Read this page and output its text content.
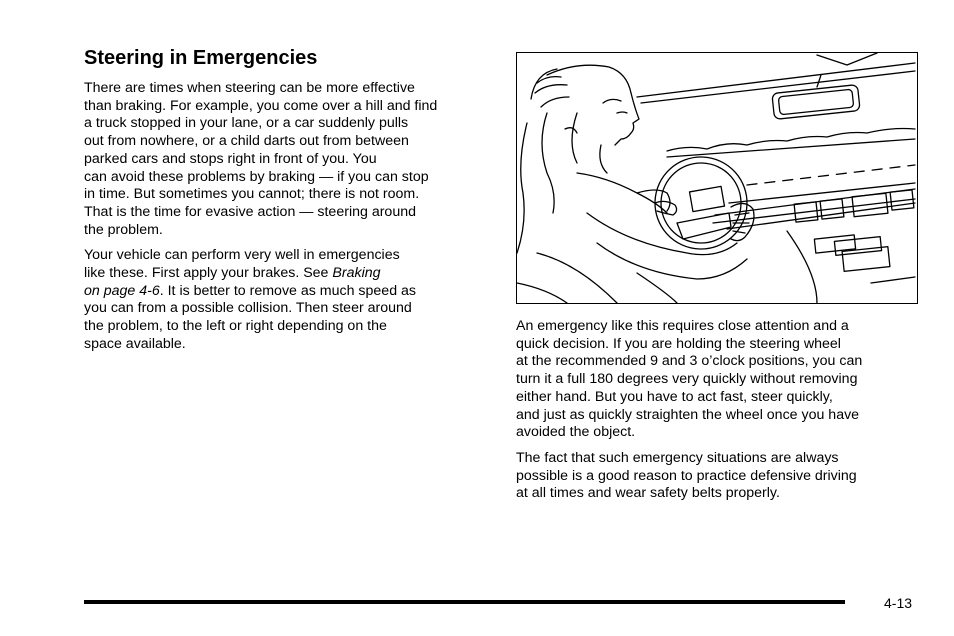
Steering in Emergencies

There are times when steering can be more effective
than braking. For example, you come over a hill and find
a truck stopped in your lane, or a car suddenly pulls
out from nowhere, or a child darts out from between
parked cars and stops right in front of you. You
can avoid these problems by braking — if you can stop
in time. But sometimes you cannot; there is not room.
That is the time for evasive action — steering around
the problem.

Your vehicle can perform very well in emergencies
like these. First apply your brakes. See Braking
on page 4-6. It is better to remove as much speed as
you can from a possible collision. Then steer around
the problem, to the left or right depending on the
space available.

An emergency like this requires close attention and a
quick decision. If you are holding the steering wheel
at the recommended 9 and 3 o’clock positions, you can
turn it a full 180 degrees very quickly without removing
either hand. But you have to act fast, steer quickly,
and just as quickly straighten the wheel once you have
avoided the object.

The fact that such emergency situations are always
possible is a good reason to practice defensive driving
at all times and wear safety belts properly.

4-13
